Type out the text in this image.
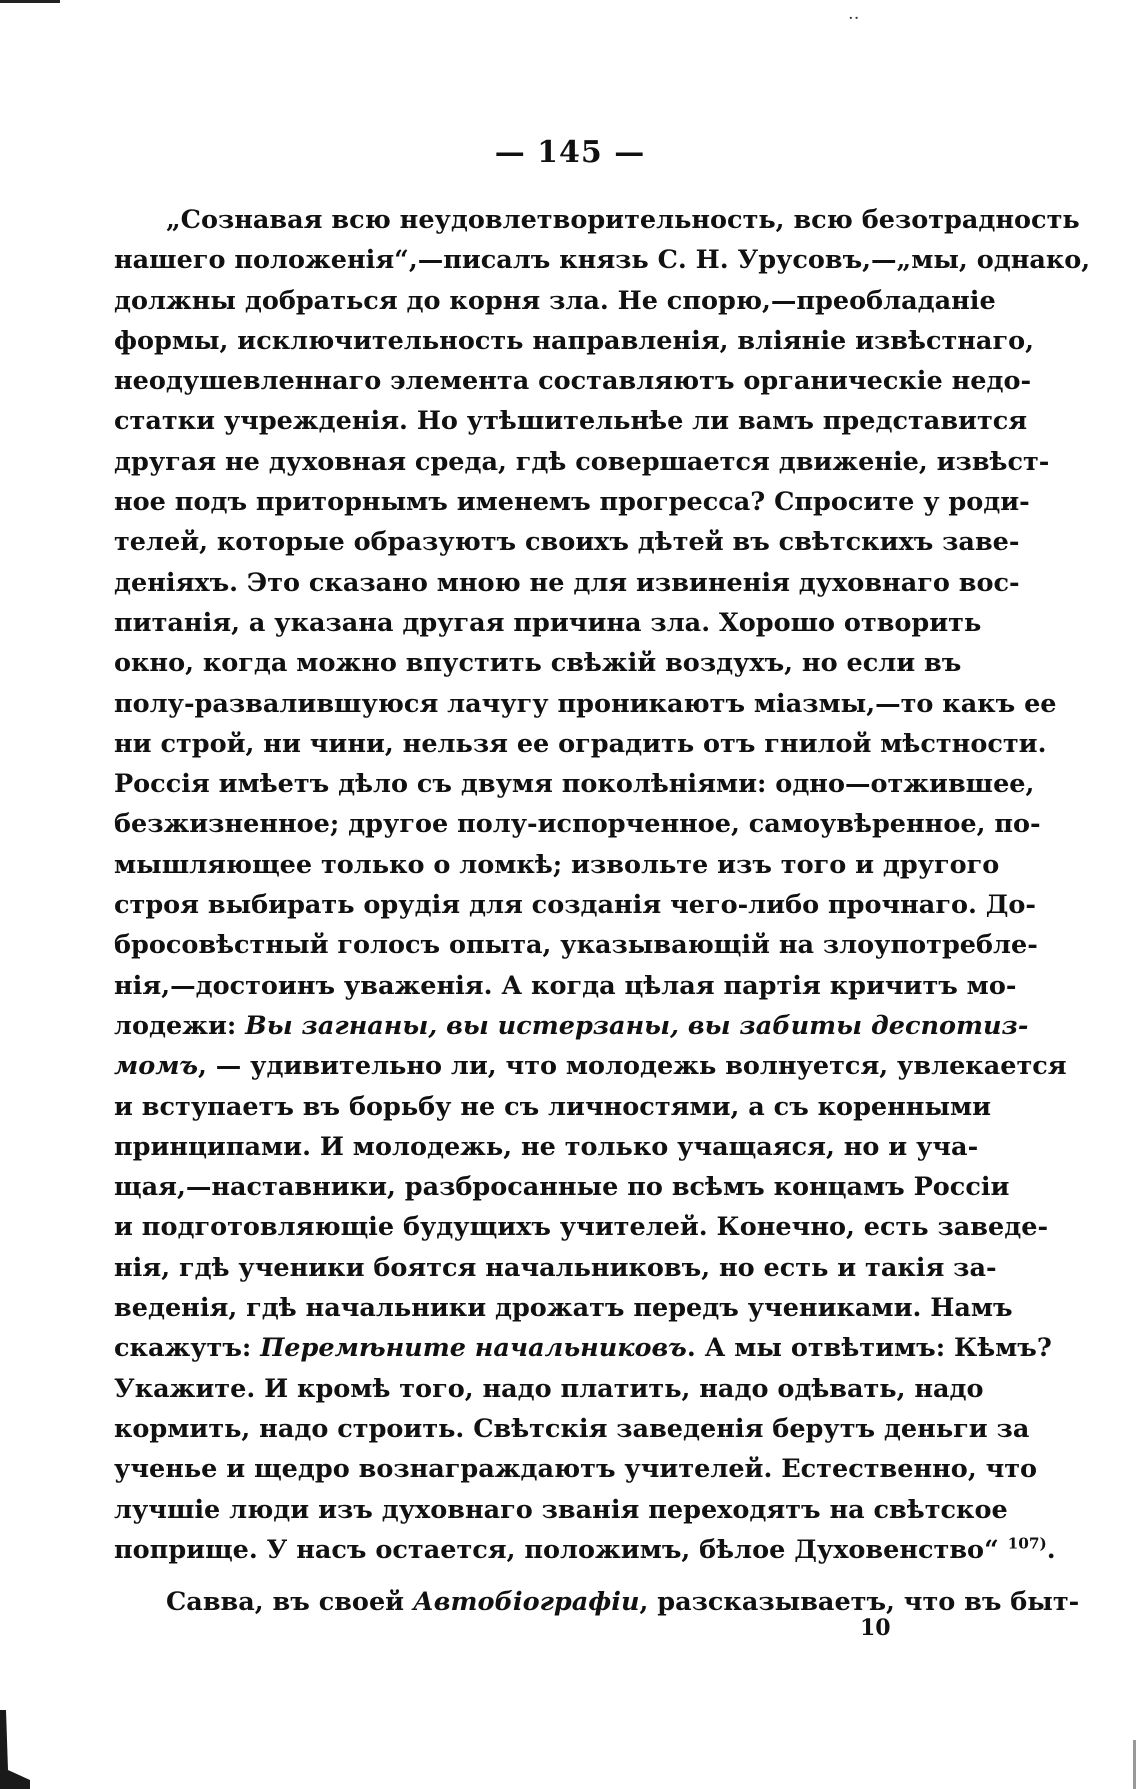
··
— 145 —
„Сознавая всю неудовлетворительность, всю безотрадность
нашего положенія“,—писалъ князь С. Н. Урусовъ,—„мы, однако,
должны добраться до корня зла. Не спорю,—преобладаніе
формы, исключительность направленія, вліяніе извѣстнаго,
неодушевленнаго элемента составляютъ органическіе недо-
статки учрежденія. Но утѣшительнѣе ли вамъ представится
другая не духовная среда, гдѣ совершается движеніе, извѣст-
ное подъ приторнымъ именемъ прогресса? Спросите у роди-
телей, которые образуютъ своихъ дѣтей въ свѣтскихъ заве-
деніяхъ. Это сказано мною не для извиненія духовнаго вос-
питанія, а указана другая причина зла. Хорошо отворить
окно, когда можно впустить свѣжій воздухъ, но если въ
полу-развалившуюся лачугу проникаютъ міазмы,—то какъ ее
ни строй, ни чини, нельзя ее оградить отъ гнилой мѣстности.
Россія имѣетъ дѣло съ двумя поколѣніями: одно—отжившее,
безжизненное; другое полу-испорченное, самоувѣренное, по-
мышляющее только о ломкѣ; извольте изъ того и другого
строя выбирать орудія для созданія чего-либо прочнаго. До-
бросовѣстный голосъ опыта, указывающій на злоупотребле-
нія,—достоинъ уваженія. А когда цѣлая партія кричитъ мо-
лодежи: Вы загнаны, вы истерзаны, вы забиты деспотиз-
момъ, — удивительно ли, что молодежь волнуется, увлекается
и вступаетъ въ борьбу не съ личностями, а съ коренными
принципами. И молодежь, не только учащаяся, но и уча-
щая,—наставники, разбросанные по всѣмъ концамъ Россіи
и подготовляющіе будущихъ учителей. Конечно, есть заведе-
нія, гдѣ ученики боятся начальниковъ, но есть и такія за-
веденія, гдѣ начальники дрожатъ передъ учениками. Намъ
скажутъ: Перемѣните начальниковъ. А мы отвѣтимъ: Кѣмъ?
Укажите. И кромѣ того, надо платить, надо одѣвать, надо
кормить, надо строить. Свѣтскія заведенія берутъ деньги за
ученье и щедро вознаграждаютъ учителей. Естественно, что
лучшіе люди изъ духовнаго званія переходятъ на свѣтское
поприще. У насъ остается, положимъ, бѣлое Духовенство“ $^{107)}$.
Савва, въ своей Автобіографіи, разсказываетъ, что въ быт-
10
